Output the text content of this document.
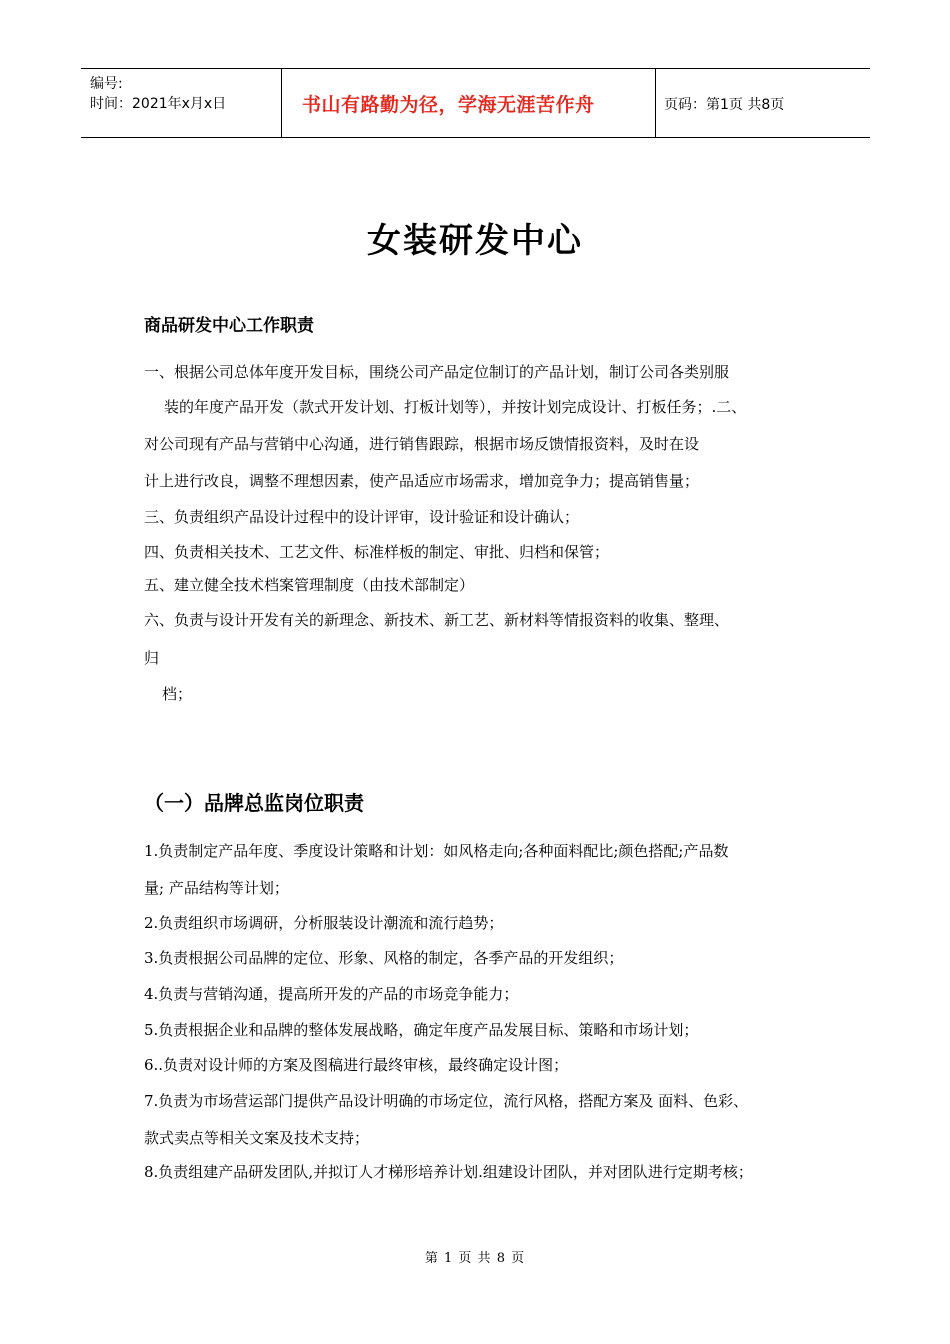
编号:
时间：2021年x月x日	书山有路勤为径，学海无涯苦作舟	页码：第1页 共8页
女装研发中心
商品研发中心工作职责
一、根据公司总体年度开发目标，围绕公司产品定位制订的产品计划，制订公司各类别服
装的年度产品开发（款式开发计划、打板计划等），并按计划完成设计、打板任务；.二、
对公司现有产品与营销中心沟通，进行销售跟踪，根据市场反馈情报资料，及时在设
计上进行改良，调整不理想因素，使产品适应市场需求，增加竞争力；提高销售量；
三、负责组织产品设计过程中的设计评审，设计验证和设计确认；
四、负责相关技术、工艺文件、标准样板的制定、审批、归档和保管；
五、建立健全技术档案管理制度（由技术部制定）
六、负责与设计开发有关的新理念、新技术、新工艺、新材料等情报资料的收集、整理、
归
档；
（一）品牌总监岗位职责
1.负责制定产品年度、季度设计策略和计划：如风格走向;各种面料配比;颜色搭配;产品数
量; 产品结构等计划；
2.负责组织市场调研，分析服装设计潮流和流行趋势；
3.负责根据公司品牌的定位、形象、风格的制定，各季产品的开发组织；
4.负责与营销沟通，提高所开发的产品的市场竞争能力；
5.负责根据企业和品牌的整体发展战略，确定年度产品发展目标、策略和市场计划；
6..负责对设计师的方案及图稿进行最终审核，最终确定设计图；
7.负责为市场营运部门提供产品设计明确的市场定位，流行风格，搭配方案及 面料、色彩、
款式卖点等相关文案及技术支持；
8.负责组建产品研发团队,并拟订人才梯形培养计划.组建设计团队，并对团队进行定期考核；
第 1 页 共 8 页
